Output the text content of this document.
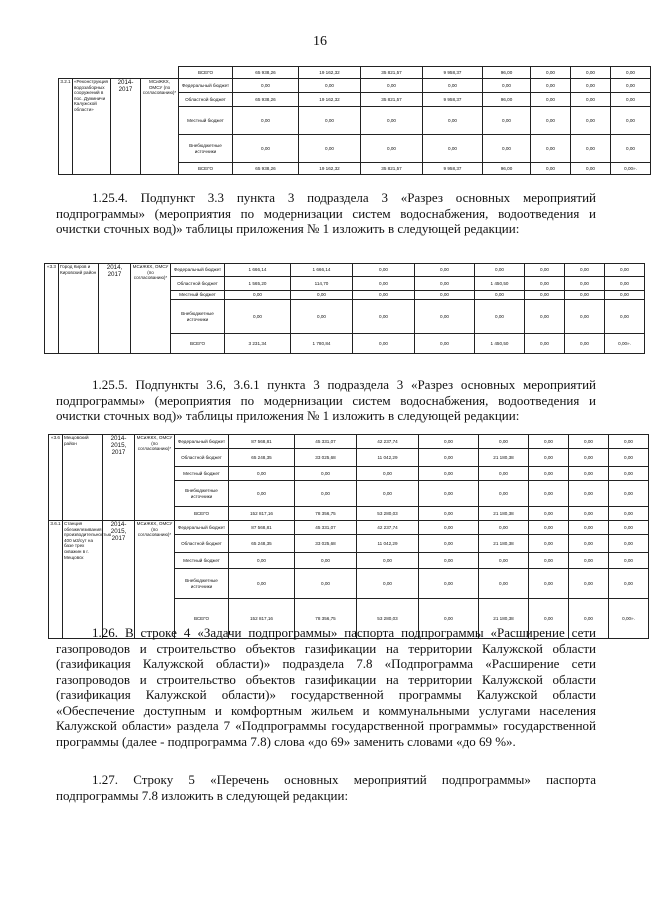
16
				ВСЕГО	65 938,26	19 162,32	35 821,57	9 958,37	96,00	0,00	0,00	0,00
3.2.1	«Реконструкция водозаборных сооружений в пос. Думиничи Калужской области»	2014-2017	МСиЖКХ, ОМСУ (по согласованию)*	Федеральный бюджет	0,00	0,00	0,00	0,00	0,00	0,00	0,00	0,00
				Областной бюджет	65 938,26	19 162,32	35 821,57	9 958,37	96,00	0,00	0,00	0,00
				Местный бюджет	0,00	0,00	0,00	0,00	0,00	0,00	0,00	0,00
				Внебюджетные источники	0,00	0,00	0,00	0,00	0,00	0,00	0,00	0,00
				ВСЕГО	65 938,26	19 162,32	35 821,57	9 958,37	96,00	0,00	0,00	0,00».
1.25.4. Подпункт 3.3 пункта 3 подраздела 3 «Разрез основных мероприятий подпрограммы» (мероприятия по модернизации систем водоснабжения, водоотведения и очистки сточных вод)» таблицы приложения № 1 изложить в следующей редакции:
«3.3	Город Киров и Кировский район	2014, 2017	МСиЖКХ, ОМСУ (по согласованию)*	Федеральный бюджет	1 666,14	1 666,14	0,00	0,00	0,00	0,00	0,00	0,00
				Областной бюджет	1 565,20	114,70	0,00	0,00	1 450,50	0,00	0,00	0,00
				Местный бюджет	0,00	0,00	0,00	0,00	0,00	0,00	0,00	0,00
				Внебюджетные источники	0,00	0,00	0,00	0,00	0,00	0,00	0,00	0,00
				ВСЕГО	3 231,34	1 780,84	0,00	0,00	1 450,50	0,00	0,00	0,00».
1.25.5. Подпункты 3.6, 3.6.1 пункта 3 подраздела 3 «Разрез основных мероприятий подпрограммы» (мероприятия по модернизации систем водоснабжения, водоотведения и очистки сточных вод)» таблицы приложения № 1 изложить в следующей редакции:
«3.6	Мещовский район	2014-2015, 2017	МСиЖКХ, ОМСУ (по согласованию)*	Федеральный бюджет	87 568,81	45 331,07	42 237,74	0,00	0,00	0,00	0,00	0,00
				Областной бюджет	65 248,35	33 025,68	11 042,29	0,00	21 180,38	0,00	0,00	0,00
				Местный бюджет	0,00	0,00	0,00	0,00	0,00	0,00	0,00	0,00
				Внебюджетные источники	0,00	0,00	0,00	0,00	0,00	0,00	0,00	0,00
				ВСЕГО	152 817,16	78 356,75	53 280,03	0,00	21 180,38	0,00	0,00	0,00
3.6.1	Станция обезжелезивания производительностью 400 м3/сут на базе трех скважин в г. Мещовск	2014-2015, 2017	МСиЖКХ, ОМСУ (по согласованию)*	Федеральный бюджет	87 568,81	45 331,07	42 237,74	0,00	0,00	0,00	0,00	0,00
				Областной бюджет	65 248,35	33 025,68	11 042,29	0,00	21 180,38	0,00	0,00	0,00
				Местный бюджет	0,00	0,00	0,00	0,00	0,00	0,00	0,00	0,00
				Внебюджетные источники	0,00	0,00	0,00	0,00	0,00	0,00	0,00	0,00
				ВСЕГО	152 817,16	78 356,75	53 280,03	0,00	21 180,38	0,00	0,00	0,00».
1.26. В строке 4 «Задачи подпрограммы» паспорта подпрограммы «Расширение сети газопроводов и строительство объектов газификации на территории Калужской области (газификация Калужской области)» подраздела 7.8 «Подпрограмма «Расширение сети газопроводов и строительство объектов газификации на территории Калужской области (газификация Калужской области)» государственной программы Калужской области «Обеспечение доступным и комфортным жильем и коммунальными услугами населения Калужской области» раздела 7 «Подпрограммы государственной программы» государственной программы (далее - подпрограмма 7.8) слова «до 69» заменить словами «до 69 %».
1.27. Строку 5 «Перечень основных мероприятий подпрограммы» паспорта подпрограммы 7.8 изложить в следующей редакции:
